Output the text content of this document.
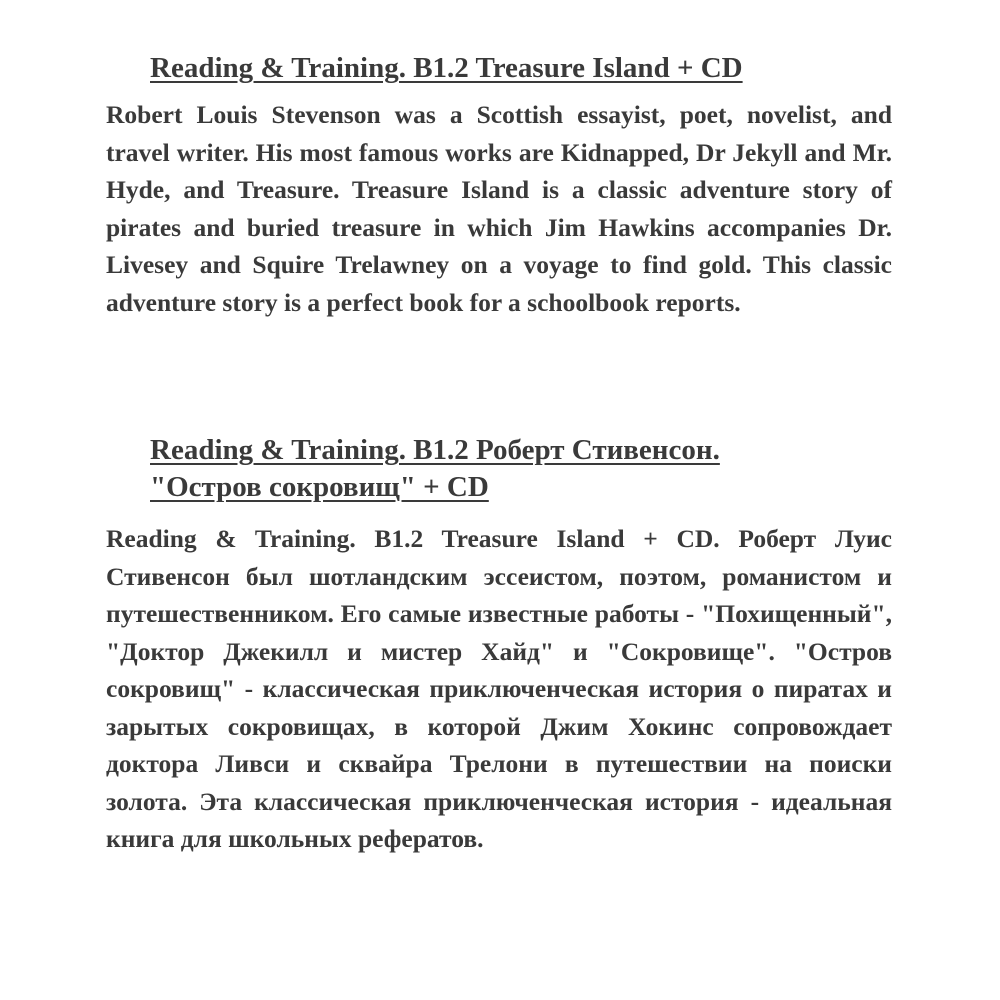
Reading & Training. B1.2 Treasure Island + CD

Robert Louis Stevenson was a Scottish essayist, poet, novelist, and travel writer. His most famous works are Kidnapped, Dr Jekyll and Mr. Hyde, and Treasure. Treasure Island is a classic adventure story of pirates and buried treasure in which Jim Hawkins accompanies Dr. Livesey and Squire Trelawney on a voyage to find gold. This classic adventure story is a perfect book for a schoolbook reports.

Reading & Training. B1.2 Роберт Стивенсон.
"Остров сокровищ" + CD

Reading & Training. B1.2 Treasure Island + CD. Роберт Луис Стивенсон был шотландским эссеистом, поэтом, романистом и путешественником. Его самые известные работы - "Похищенный", "Доктор Джекилл и мистер Хайд" и "Сокровище". "Остров сокровищ" - классическая приключенческая история о пиратах и зарытых сокровищах, в которой Джим Хокинс сопровождает доктора Ливси и сквайра Трелони в путешествии на поиски золота. Эта классическая приключенческая история - идеальная книга для школьных рефератов.
